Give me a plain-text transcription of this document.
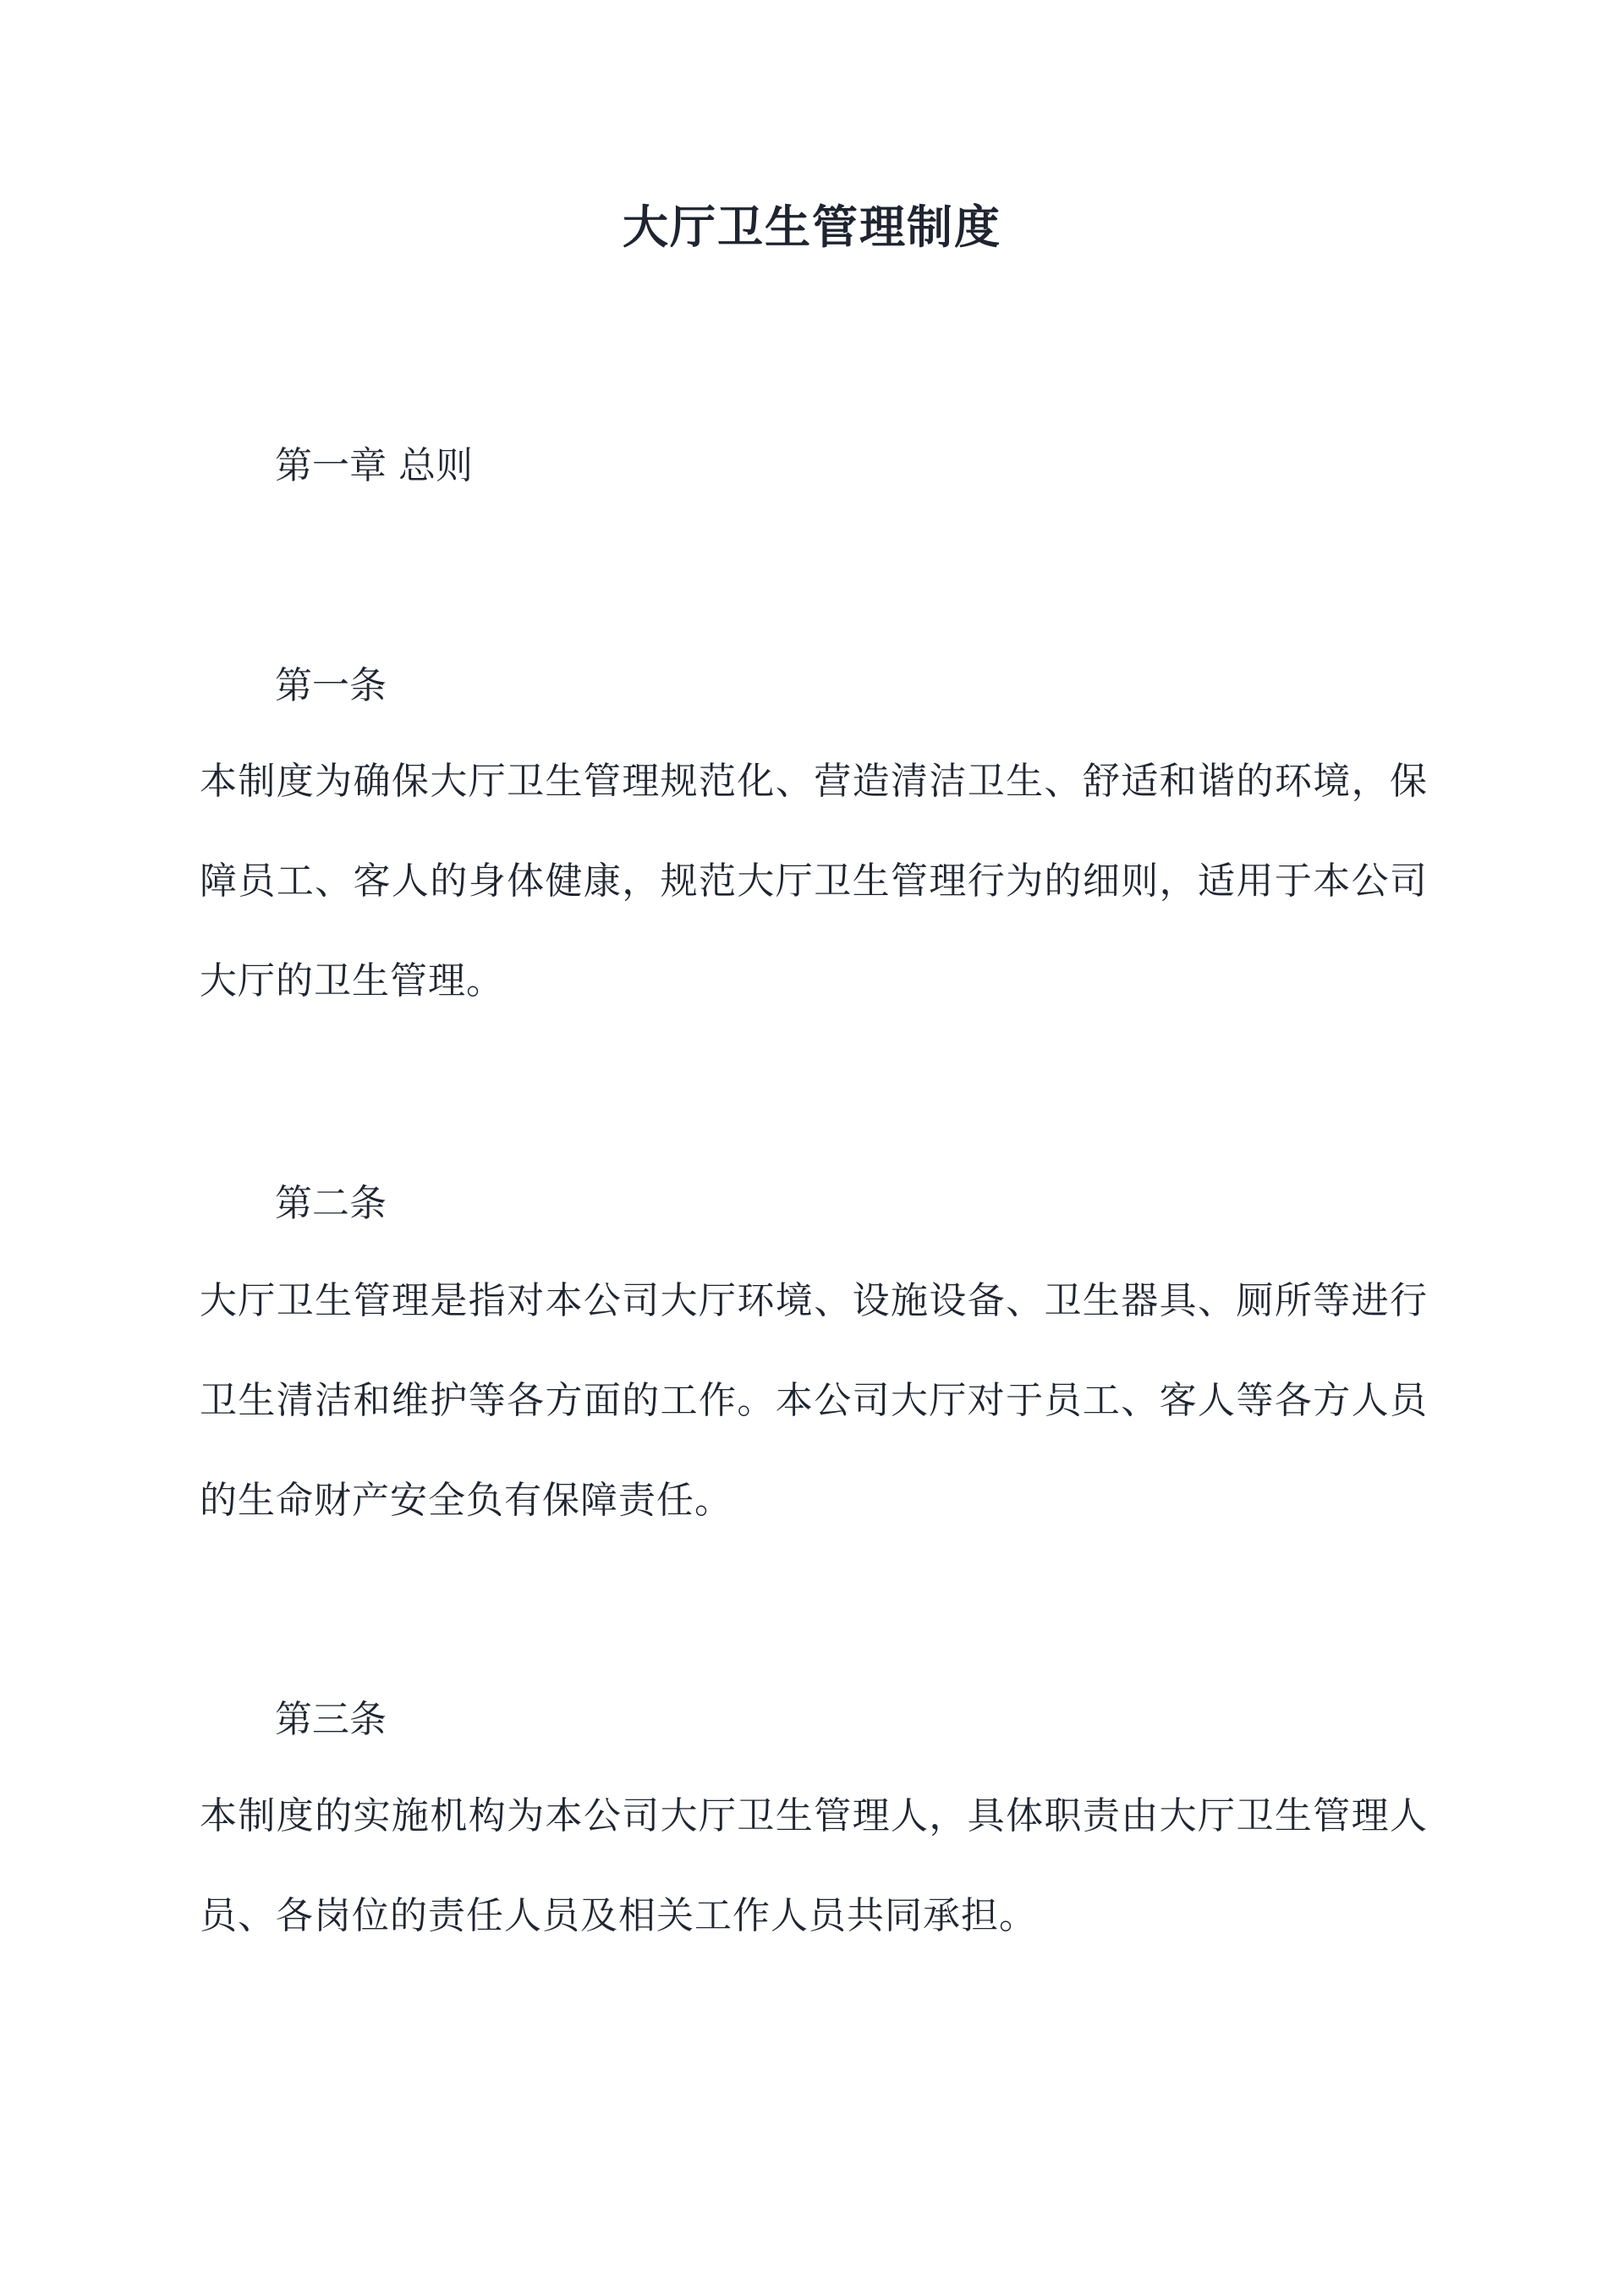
大厅卫生管理制度
第一章 总则
第一条
本制度为确保大厅卫生管理规范化、营造清洁卫生、舒适和谐的环境，保障员工、客人的身体健康，规范大厅卫生管理行为的细则，适用于本公司大厅的卫生管理。
第二条
大厅卫生管理是指对本公司大厅环境、设施设备、卫生器具、厕所等进行卫生清洁和维护等各方面的工作。本公司大厅对于员工、客人等各方人员的生命财产安全负有保障责任。
第三条
本制度的实施机构为本公司大厅卫生管理人，具体职责由大厅卫生管理人员、各岗位的责任人员及相关工作人员共同承担。
